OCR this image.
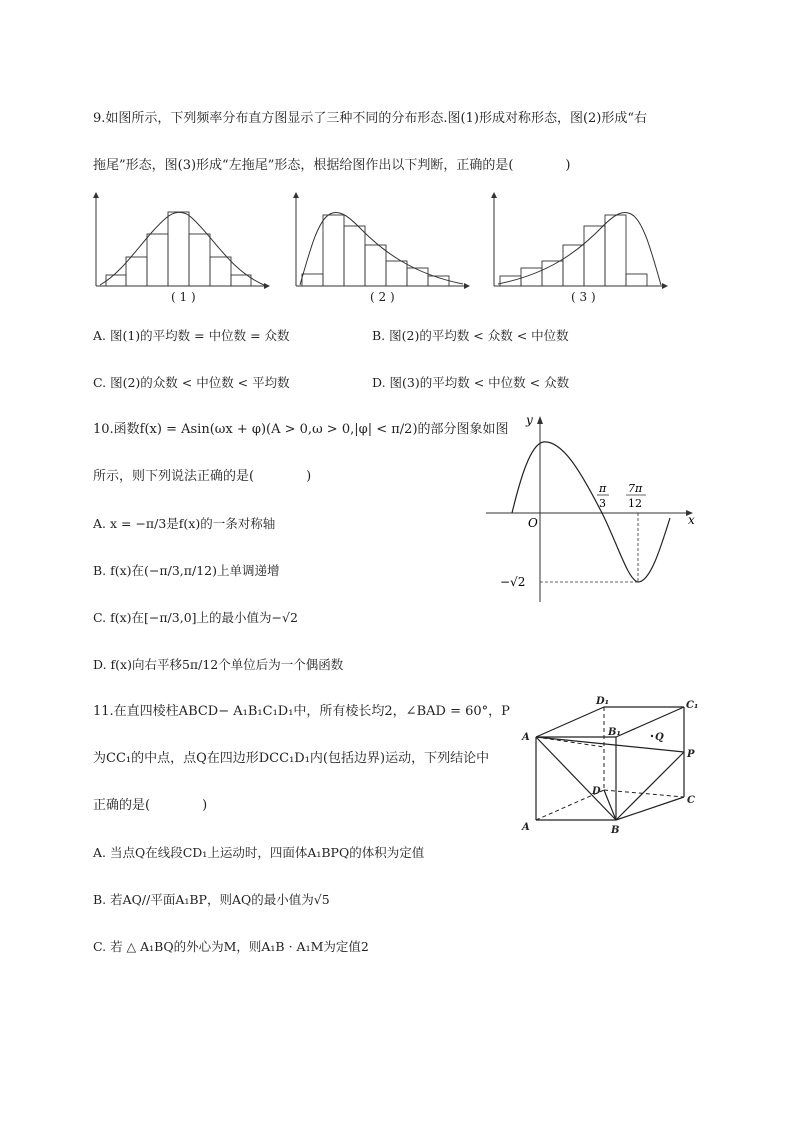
9.如图所示，下列频率分布直方图显示了三种不同的分布形态.图(1)形成对称形态，图(2)形成“右
拖尾”形态，图(3)形成“左拖尾”形态，根据给图作出以下判断，正确的是(　　　　)
( 1 )	( 2 )	( 3 )
A. 图(1)的平均数 = 中位数 = 众数	B. 图(2)的平均数 < 众数 < 中位数
C. 图(2)的众数 < 中位数 < 平均数	D. 图(3)的平均数 < 中位数 < 众数
10.函数f(x) = Asin(ωx + φ)(A > 0,ω > 0,|φ| < π/2)的部分图象如图
所示，则下列说法正确的是(　　　　)
A. x = −π/3是f(x)的一条对称轴
B. f(x)在(−π/3,π/12)上单调递增
C. f(x)在[−π/3,0]上的最小值为−√2
D. f(x)向右平移5π/12个单位后为一个偶函数
y
x
O
π
3
7π
12
−√2
11.在直四棱柱ABCD− A₁B₁C₁D₁中，所有棱长均2，∠BAD = 60°，P
为CC₁的中点，点Q在四边形DCC₁D₁内(包括边界)运动，下列结论中
正确的是(　　　　)
A. 当点Q在线段CD₁上运动时，四面体A₁BPQ的体积为定值
B. 若AQ//平面A₁BP，则AQ的最小值为√5
C. 若 △ A₁BQ的外心为M，则A₁B · A₁M为定值2
A
A	B
B₁
C
C₁
D
D₁
P
Q
